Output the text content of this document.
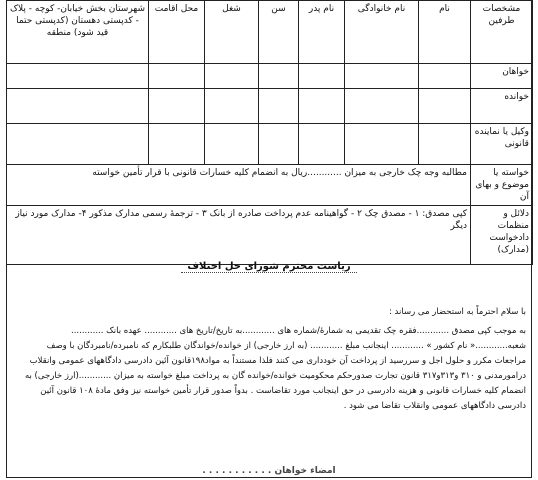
مشخصات طرفین	نام	نام خانوادگی	نام پدر	سن	شغل	محل اقامت	شهرستان بخش خیابان- کوچه - پلاک - کدپستی دهستان (کدپستی حتما قید شود) منطقه
خواهان							
خوانده							
وکیل یا نماینده قانونی							
خواسته یا موضوع و بهای آن	مطالبه وجه چک خارجی به میزان ............ریال به انضمام کلیه خسارات قانونی با قرار تأمین خواسته						
دلائل و منظمات دادخواست (مدارک)	کپی مصدق: ۱ - مصدق چک ۲ - گواهینامه عدم پرداخت صادره از بانک ۳ - ترجمهٔ رسمی مدارک مذکور ۴- مدارک مورد نیاز دیگر						
ریاست محترم شورای حل اختلاف

با سلام احترماً به استحضار می رساند :

به موجب کپی مصدق ............فقره چک تقدیمی به شمارهٔ/شماره های ............به تاریخ/تاریخ های ............ عهده بانک ............

شعبه............« نام کشور » ............ اینجانب مبلغ ............ (به ارز خارجی) از خوانده/خواندگان طلبکارم که نامبرده/نامبردگان با وصف

مراجعات مکرر و حلول اجل و سررسید از پرداخت آن خودداری می کنند فلذا مستنداً به مواد۱۹۸قانون آئین دادرسی دادگاههای عمومی وانقلاب

درامورمدنی و ۳۱۰ و۳۱۳و۳۱۷ قانون تجارت صدورحکم محکومیت خوانده/خوانده گان به پرداخت مبلغ خواسته به میزان ............(ارز خارجی) به

انضمام کلیه خسارات قانونی و هزینه دادرسی در حق اینجانب مورد تقاضاست . بدواً صدور قرار تأمین خواسته نیز وفق مادهٔ ۱۰۸ قانون آئین

دادرسی دادگاههای عمومی وانقلاب تقاضا می شود .

امضاء خواهان . . . . . . . . . . .
